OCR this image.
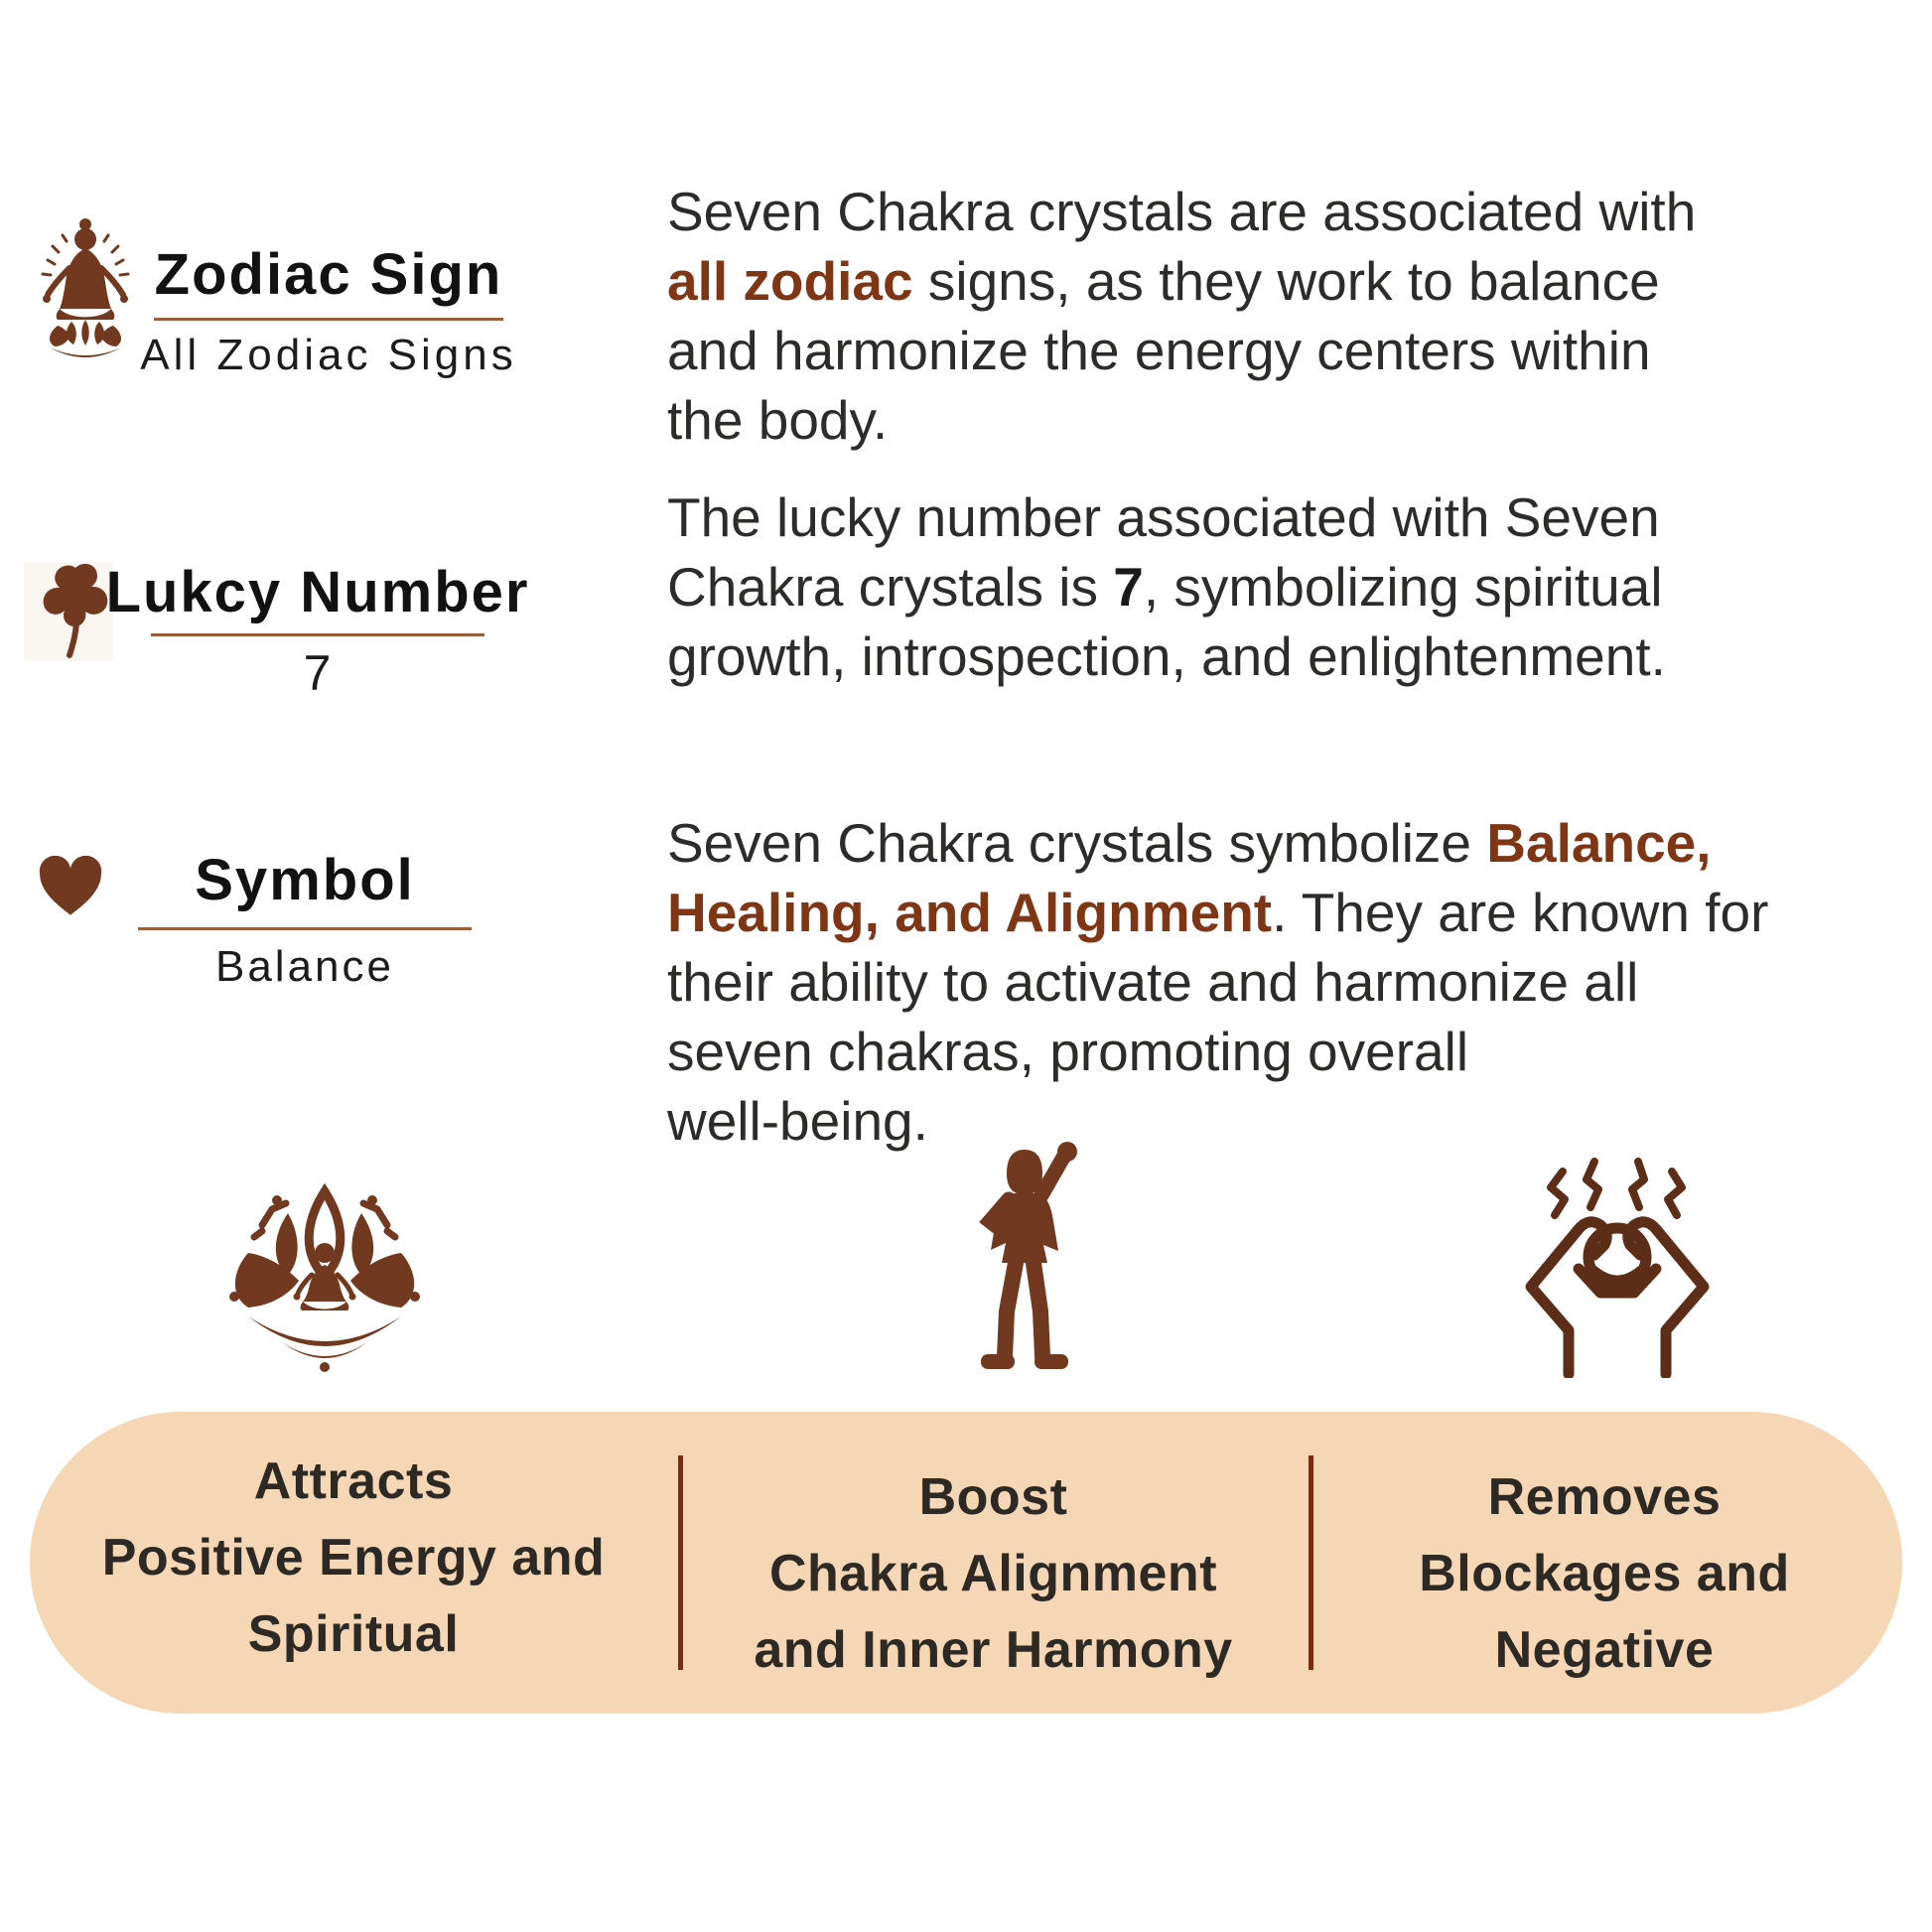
Zodiac Sign
All Zodiac Signs
Lukcy Number
7
Symbol
Balance
Seven Chakra crystals are associated with
all zodiac signs, as they work to balance
and harmonize the energy centers within
the body.
The lucky number associated with Seven
Chakra crystals is 7, symbolizing spiritual
growth, introspection, and enlightenment.
Seven Chakra crystals symbolize Balance,
Healing, and Alignment. They are known for
their ability to activate and harmonize all
seven chakras, promoting overall
well-being.
Attracts
Positive Energy and
Spiritual
Boost
Chakra Alignment
and Inner Harmony
Removes
Blockages and
Negative
